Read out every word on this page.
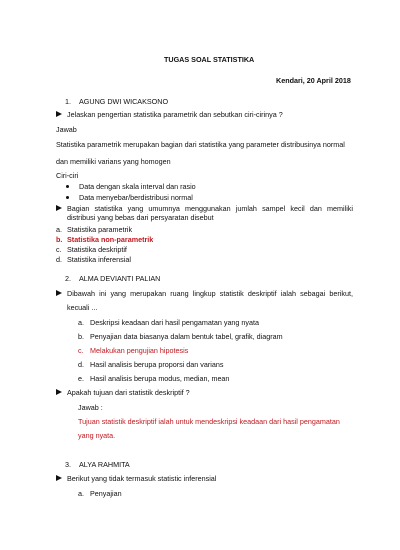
TUGAS SOAL STATISTIKA
Kendari, 20 April 2018
1. AGUNG DWI WICAKSONO
Jelaskan pengertian statistika parametrik dan sebutkan ciri-cirinya ?
Jawab
Statistika parametrik merupakan bagian dari statistika yang parameter distribusinya normal
dan memiliki varians yang homogen
Ciri-ciri
Data dengan skala interval dan rasio
Data menyebar/berdistribusi normal
Bagian statistika yang umumnya menggunakan jumlah sampel kecil dan memiliki
distribusi yang bebas dari persyaratan disebut
a. Statistika parametrik
b. Statistika non-parametrik
c. Statistika deskriptif
d. Statistika inferensial
2. ALMA DEVIANTI PALIAN
Dibawah ini yang merupakan ruang lingkup statistik deskriptif ialah sebagai berikut,
kecuali ...
a. Deskripsi keadaan dari hasil pengamatan yang nyata
b. Penyajian data biasanya dalam bentuk tabel, grafik, diagram
c. Melakukan pengujian hipotesis
d. Hasil analisis berupa proporsi dan varians
e. Hasil analisis berupa modus, median, mean
Apakah tujuan dari statistik deskriptif ?
Jawab :
Tujuan statistik deskriptif ialah untuk mendeskripsi keadaan dari hasil pengamatan
yang nyata.
3. ALYA RAHMITA
Berikut yang tidak termasuk statistic inferensial
a. Penyajian
